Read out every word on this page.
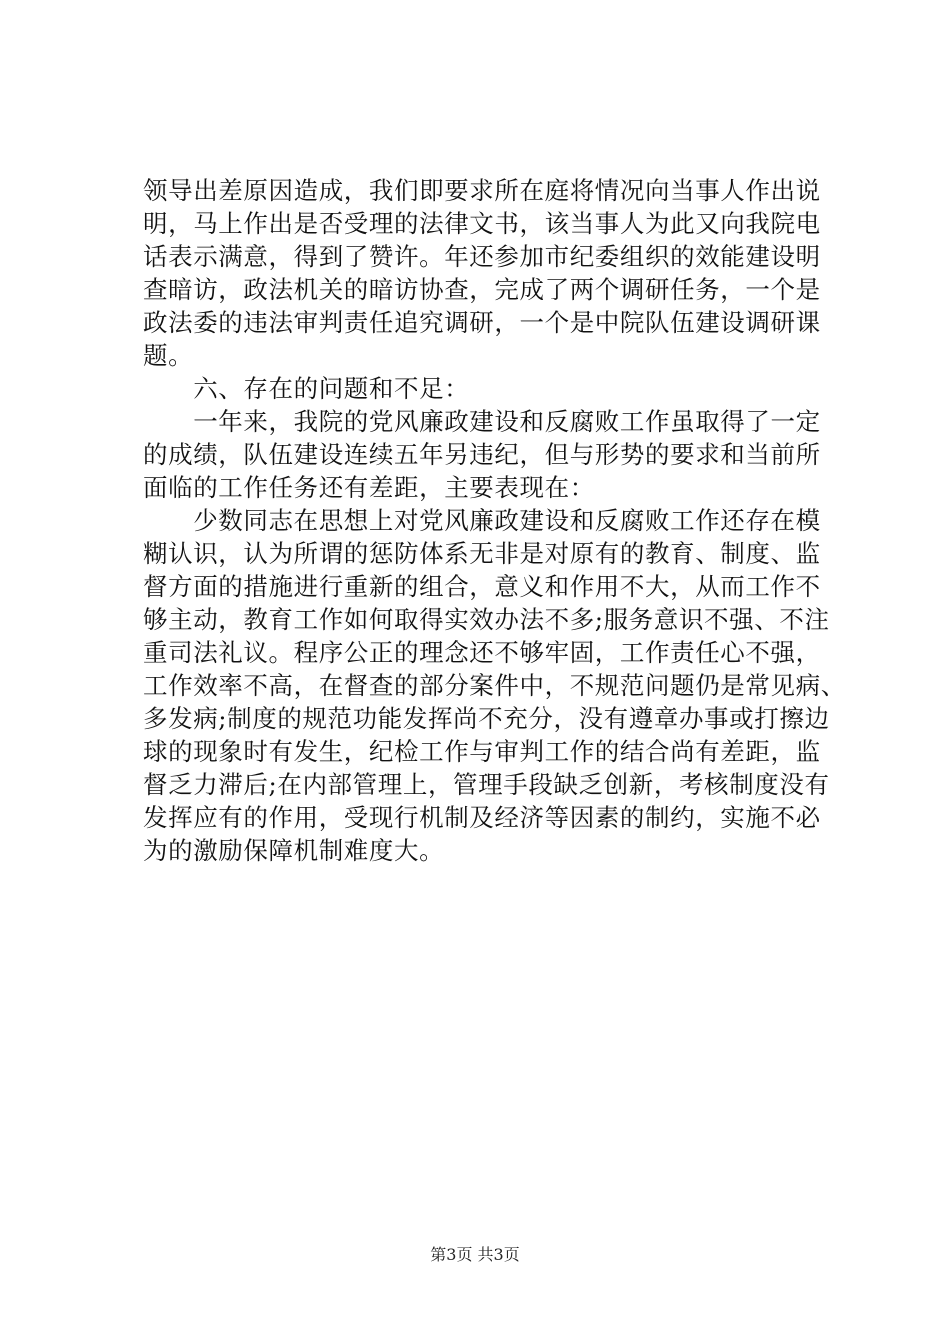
领导出差原因造成，我们即要求所在庭将情况向当事人作出说
明，马上作出是否受理的法律文书，该当事人为此又向我院电
话表示满意，得到了赞许。年还参加市纪委组织的效能建设明
查暗访，政法机关的暗访协查，完成了两个调研任务，一个是
政法委的违法审判责任追究调研，一个是中院队伍建设调研课
题。
　　六、存在的问题和不足：
　　一年来，我院的党风廉政建设和反腐败工作虽取得了一定
的成绩，队伍建设连续五年另违纪，但与形势的要求和当前所
面临的工作任务还有差距，主要表现在：
　　少数同志在思想上对党风廉政建设和反腐败工作还存在模
糊认识，认为所谓的惩防体系无非是对原有的教育、制度、监
督方面的措施进行重新的组合，意义和作用不大，从而工作不
够主动，教育工作如何取得实效办法不多;服务意识不强、不注
重司法礼议。程序公正的理念还不够牢固，工作责任心不强，
工作效率不高，在督查的部分案件中，不规范问题仍是常见病、
多发病;制度的规范功能发挥尚不充分，没有遵章办事或打擦边
球的现象时有发生，纪检工作与审判工作的结合尚有差距，监
督乏力滞后;在内部管理上，管理手段缺乏创新，考核制度没有
发挥应有的作用，受现行机制及经济等因素的制约，实施不必
为的激励保障机制难度大。
第3页 共3页
